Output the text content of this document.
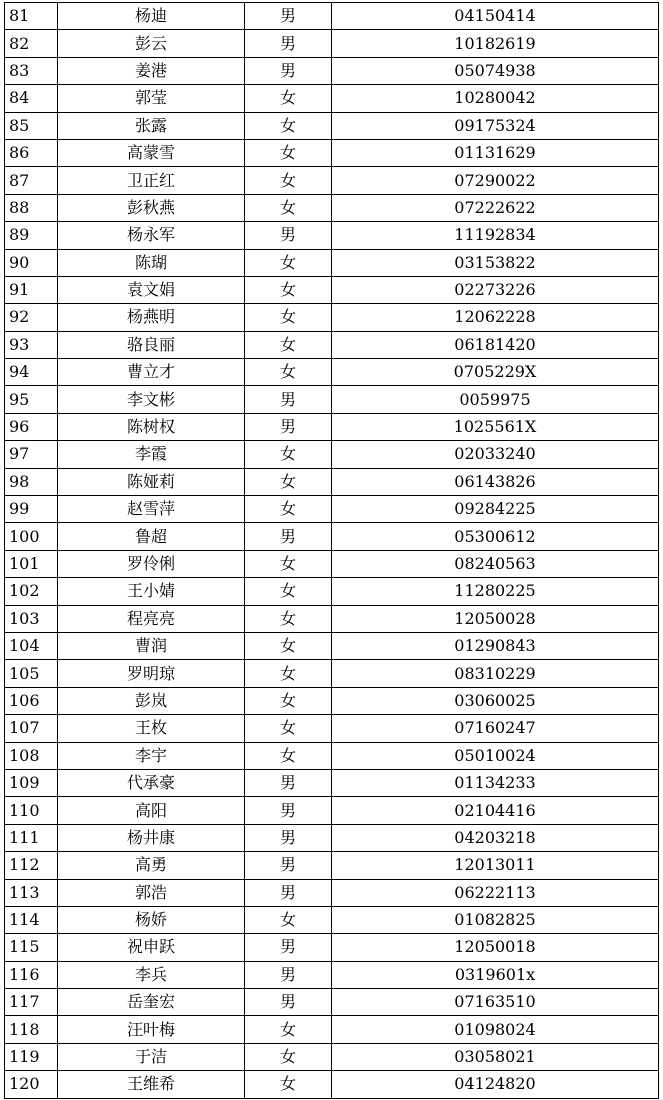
81	杨迪	男	04150414
82	彭云	男	10182619
83	姜港	男	05074938
84	郭莹	女	10280042
85	张露	女	09175324
86	高蒙雪	女	01131629
87	卫正红	女	07290022
88	彭秋燕	女	07222622
89	杨永军	男	11192834
90	陈瑚	女	03153822
91	袁文娟	女	02273226
92	杨燕明	女	12062228
93	骆良丽	女	06181420
94	曹立才	女	0705229X
95	李文彬	男	0059975
96	陈树权	男	1025561X
97	李霞	女	02033240
98	陈娅莉	女	06143826
99	赵雪萍	女	09284225
100	鲁超	男	05300612
101	罗伶俐	女	08240563
102	王小婧	女	11280225
103	程亮亮	女	12050028
104	曹润	女	01290843
105	罗明琼	女	08310229
106	彭岚	女	03060025
107	王枚	女	07160247
108	李宇	女	05010024
109	代承豪	男	01134233
110	高阳	男	02104416
111	杨井康	男	04203218
112	高勇	男	12013011
113	郭浩	男	06222113
114	杨娇	女	01082825
115	祝申跃	男	12050018
116	李兵	男	0319601x
117	岳奎宏	男	07163510
118	汪叶梅	女	01098024
119	于洁	女	03058021
120	王维希	女	04124820
